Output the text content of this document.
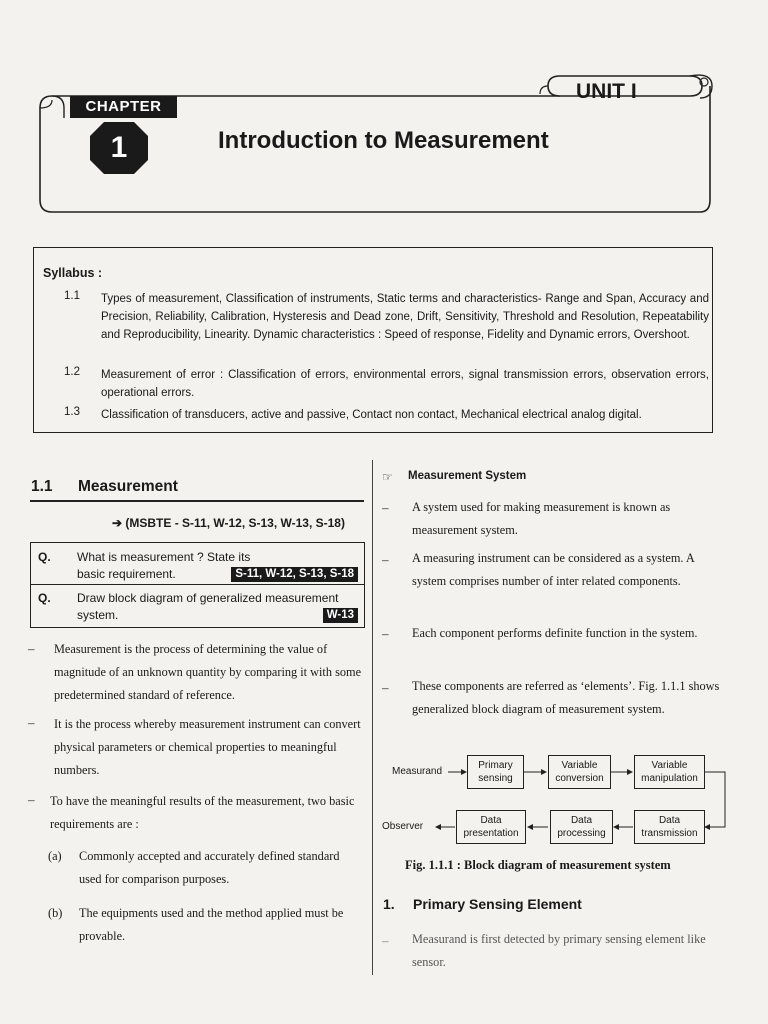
CHAPTER
1	Introduction to Measurement
UNIT I
Syllabus :
1.1 Types of measurement, Classification of instruments, Static terms and characteristics- Range and Span, Accuracy and Precision, Reliability, Calibration, Hysteresis and Dead zone, Drift, Sensitivity, Threshold and Resolution, Repeatability and Reproducibility, Linearity. Dynamic characteristics : Speed of response, Fidelity and Dynamic errors, Overshoot.
1.2 Measurement of error : Classification of errors, environmental errors, signal transmission errors, observation errors, operational errors.
1.3 Classification of transducers, active and passive, Contact non contact, Mechanical electrical analog digital.
1.1 Measurement
➔ (MSBTE - S-11, W-12, S-13, W-13, S-18)
Q. What is measurement ? State its basic requirement.	S-11, W-12, S-13, S-18
Q. Draw block diagram of generalized measurement system.	W-13
– Measurement is the process of determining the value of magnitude of an unknown quantity by comparing it with some predetermined standard of reference.
– It is the process whereby measurement instrument can convert physical parameters or chemical properties to meaningful numbers.
– To have the meaningful results of the measurement, two basic requirements are :
(a) Commonly accepted and accurately defined standard used for comparison purposes.
(b) The equipments used and the method applied must be provable.
☞ Measurement System
– A system used for making measurement is known as measurement system.
– A measuring instrument can be considered as a system. A system comprises number of inter related components.
– Each component performs definite function in the system.
– These components are referred as ‘elements’. Fig. 1.1.1 shows generalized block diagram of measurement system.
Measurand
Observer
Primary sensing
Variable conversion
Variable manipulation
Data transmission
Data processing
Data presentation
Fig. 1.1.1 : Block diagram of measurement system
1. Primary Sensing Element
– Measurand is first detected by primary sensing element like sensor.
